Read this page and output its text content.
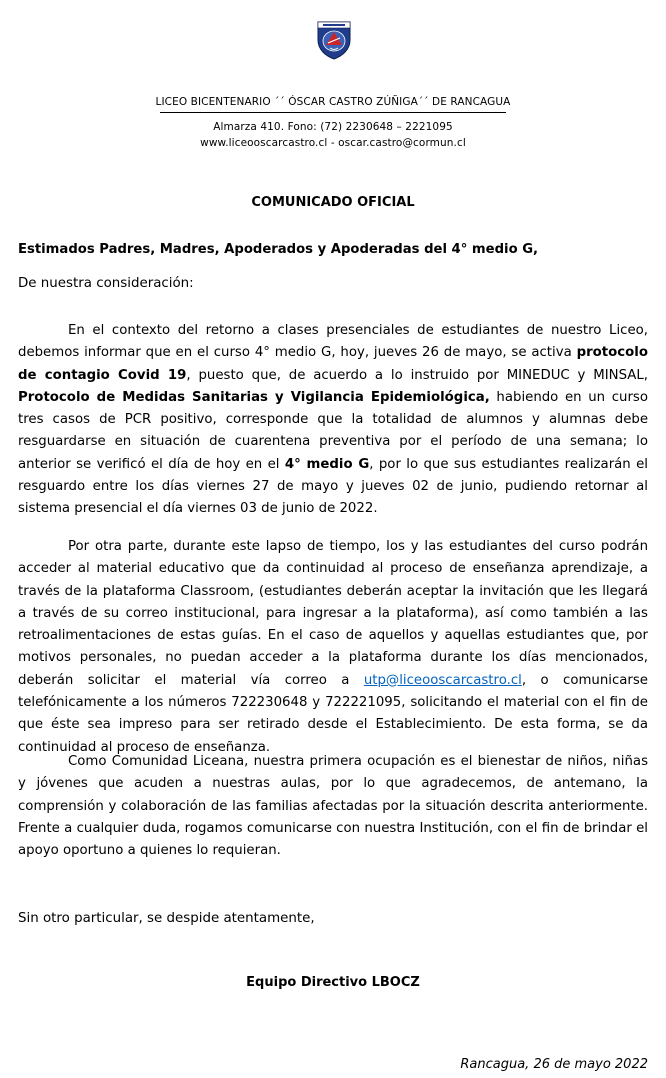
LICEO BICENTENARIO ´´ ÓSCAR CASTRO ZÚÑIGA´´ DE RANCAGUA
Almarza 410. Fono: (72) 2230648 – 2221095
www.liceooscarcastro.cl - oscar.castro@cormun.cl
COMUNICADO OFICIAL
Estimados Padres, Madres, Apoderados y Apoderadas del 4° medio G,
De nuestra consideración:

En el contexto del retorno a clases presenciales de estudiantes de nuestro Liceo, debemos informar que en el curso 4° medio G, hoy, jueves 26 de mayo, se activa protocolo de contagio Covid 19, puesto que, de acuerdo a lo instruido por MINEDUC y MINSAL, Protocolo de Medidas Sanitarias y Vigilancia Epidemiológica, habiendo en un curso tres casos de PCR positivo, corresponde que la totalidad de alumnos y alumnas debe resguardarse en situación de cuarentena preventiva por el período de una semana; lo anterior se verificó el día de hoy en el 4° medio G, por lo que sus estudiantes realizarán el resguardo entre los días viernes 27 de mayo y jueves 02 de junio, pudiendo retornar al sistema presencial el día viernes 03 de junio de 2022.

Por otra parte, durante este lapso de tiempo, los y las estudiantes del curso podrán acceder al material educativo que da continuidad al proceso de enseñanza aprendizaje, a través de la plataforma Classroom, (estudiantes deberán aceptar la invitación que les llegará a través de su correo institucional, para ingresar a la plataforma), así como también a las retroalimentaciones de estas guías. En el caso de aquellos y aquellas estudiantes que, por motivos personales, no puedan acceder a la plataforma durante los días mencionados, deberán solicitar el material vía correo a utp@liceooscarcastro.cl, o comunicarse telefónicamente a los números 722230648 y 722221095, solicitando el material con el fin de que éste sea impreso para ser retirado desde el Establecimiento. De esta forma, se da continuidad al proceso de enseñanza.

Como Comunidad Liceana, nuestra primera ocupación es el bienestar de niños, niñas y jóvenes que acuden a nuestras aulas, por lo que agradecemos, de antemano, la comprensión y colaboración de las familias afectadas por la situación descrita anteriormente. Frente a cualquier duda, rogamos comunicarse con nuestra Institución, con el fin de brindar el apoyo oportuno a quienes lo requieran.

Sin otro particular, se despide atentamente,
Equipo Directivo LBOCZ
Rancagua, 26 de mayo 2022
